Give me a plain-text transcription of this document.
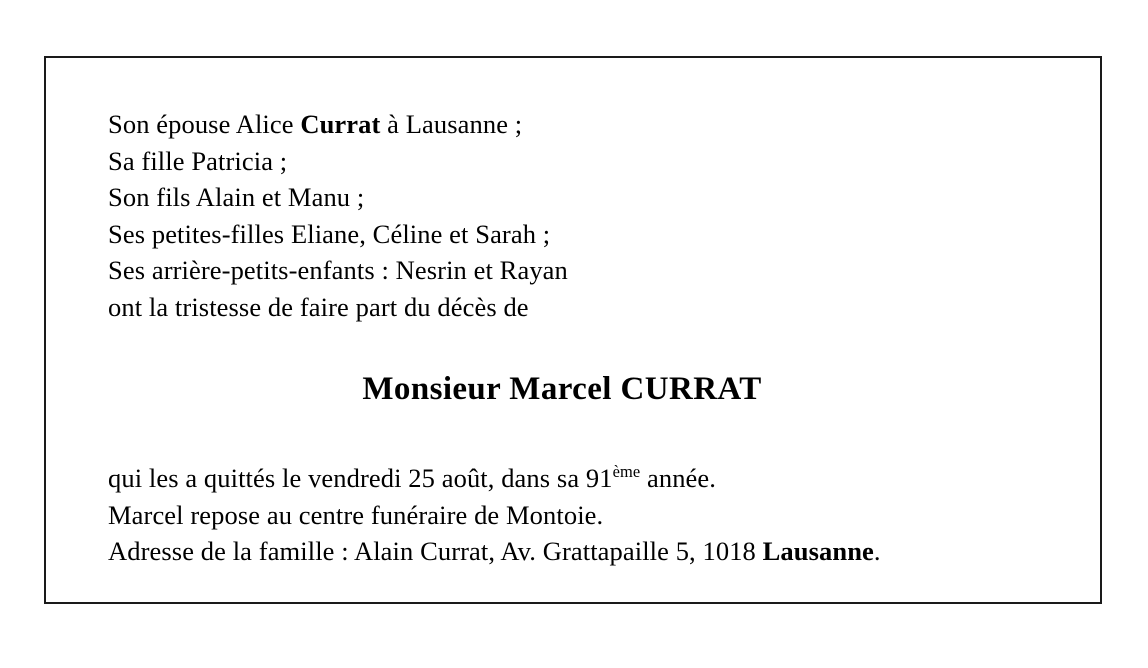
Son épouse Alice Currat à Lausanne ;
Sa fille Patricia ;
Son fils Alain et Manu ;
Ses petites-filles Eliane, Céline et Sarah ;
Ses arrière-petits-enfants : Nesrin et Rayan
ont la tristesse de faire part du décès de
Monsieur Marcel CURRAT
qui les a quittés le vendredi 25 août, dans sa 91ème année.
Marcel repose au centre funéraire de Montoie.
Adresse de la famille : Alain Currat, Av. Grattapaille 5, 1018 Lausanne.
